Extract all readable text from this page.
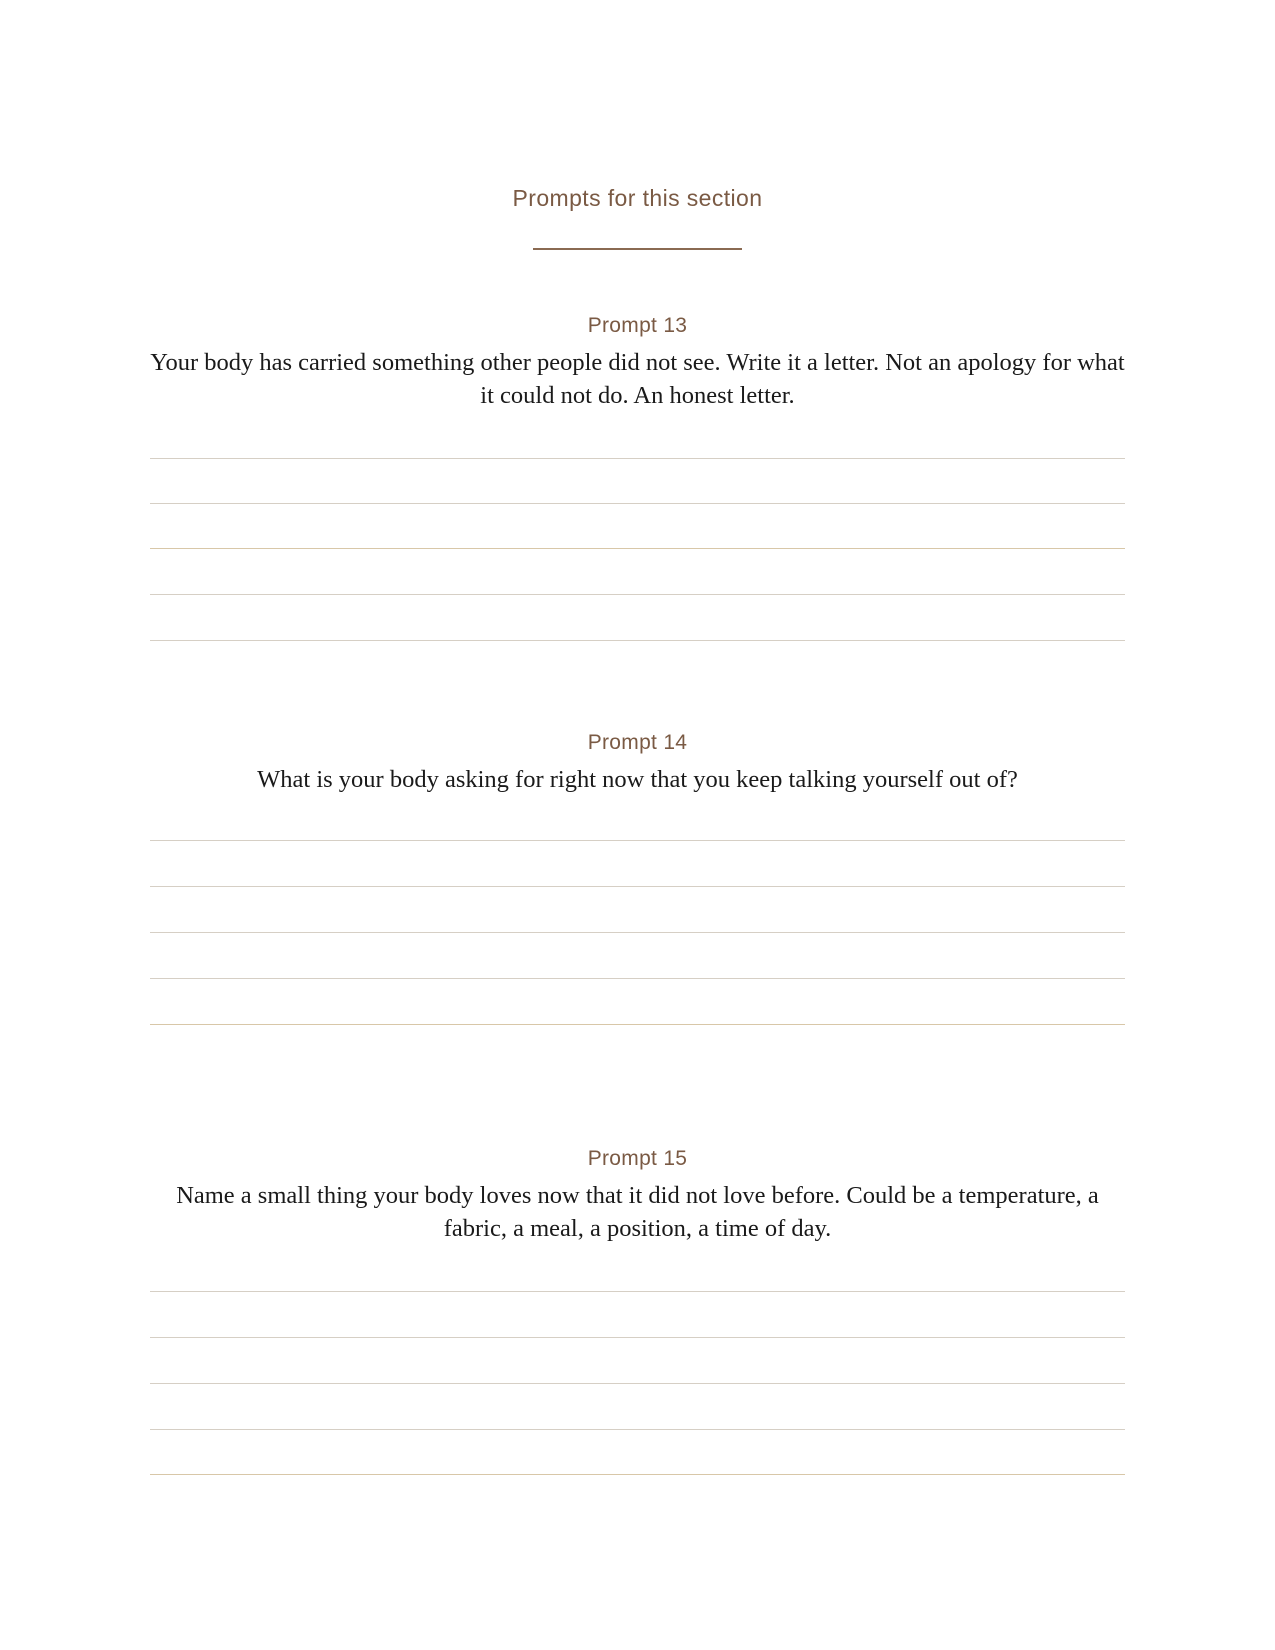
Prompts for this section
Prompt 13
Your body has carried something other people did not see. Write it a letter. Not an apology for what it could not do. An honest letter.
Prompt 14
What is your body asking for right now that you keep talking yourself out of?
Prompt 15
Name a small thing your body loves now that it did not love before. Could be a temperature, a fabric, a meal, a position, a time of day.
